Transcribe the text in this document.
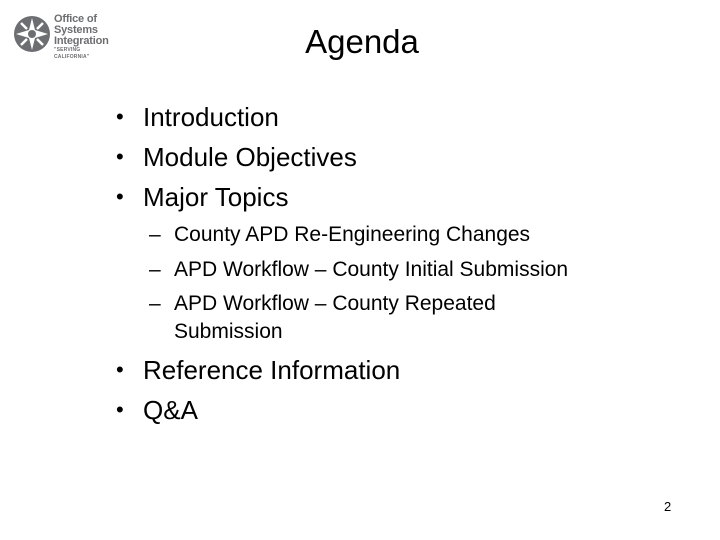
Office of
Systems
Integration
"SERVING CALIFORNIA"	Agenda
• Introduction
• Module Objectives
• Major Topics
– County APD Re-Engineering Changes
– APD Workflow – County Initial Submission
– APD Workflow – County Repeated
Submission
• Reference Information
• Q&A
2
